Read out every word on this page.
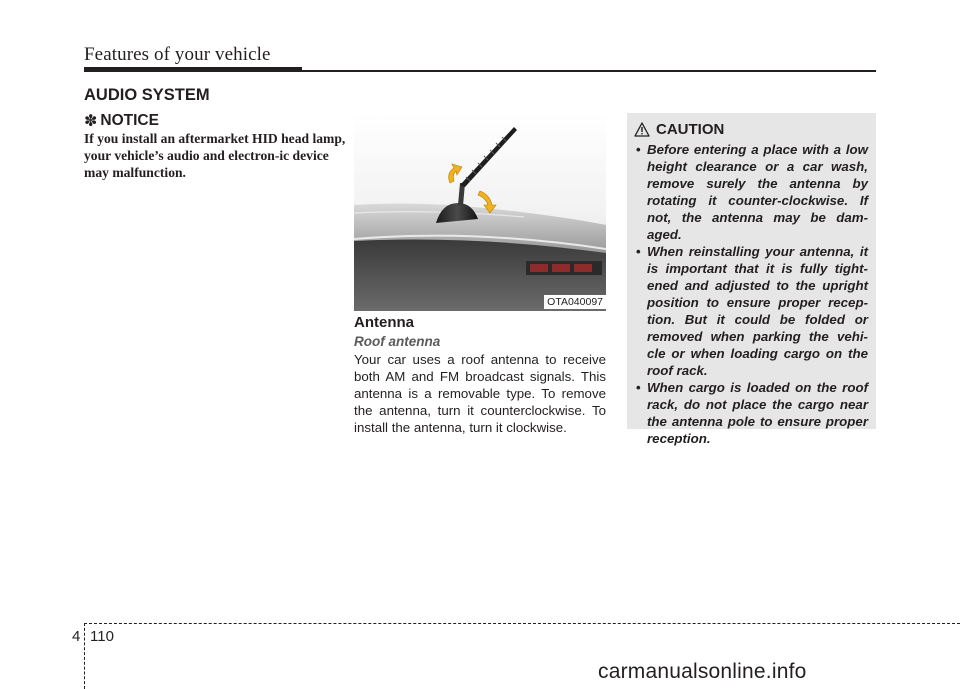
Features of your vehicle
AUDIO SYSTEM
✽ NOTICE
If you install an aftermarket HID head lamp, your vehicle’s audio and electron-ic device may malfunction.
OTA040097
Antenna
Roof antenna
Your car uses a roof antenna to receive both AM and FM broadcast signals. This antenna is a removable type. To remove the antenna, turn it counterclockwise. To install the antenna, turn it clockwise.
CAUTION
• Before entering a place with a low height clearance or a car wash, remove surely the antenna by rotating it counter-clockwise. If not, the antenna may be dam-aged.
• When reinstalling your antenna, it is important that it is fully tight-ened and adjusted to the upright position to ensure proper recep-tion. But it could be folded or removed when parking the vehi-cle or when loading cargo on the roof rack.
• When cargo is loaded on the roof rack, do not place the cargo near the antenna pole to ensure proper reception.
4 110
carmanualsonline.info
